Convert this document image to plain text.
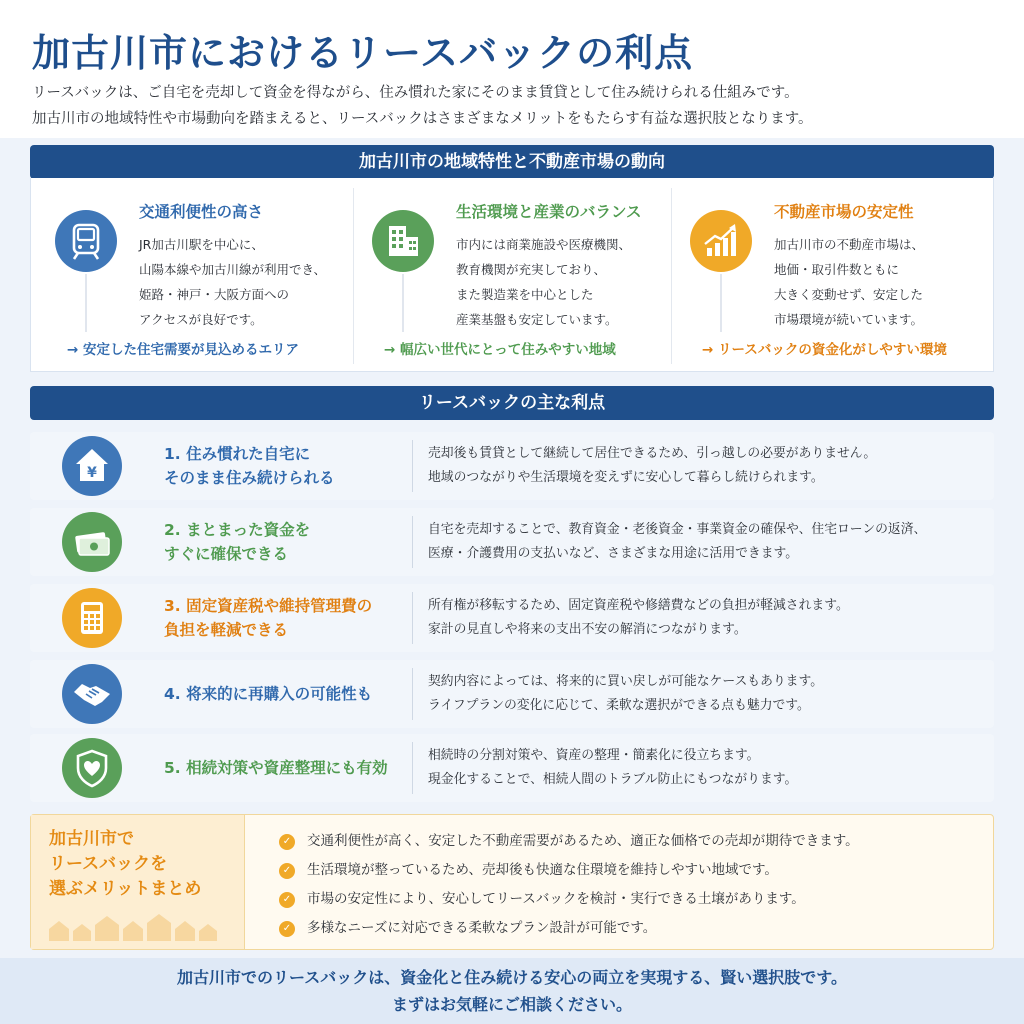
加古川市におけるリースバックの利点
リースバックは、ご自宅を売却して資金を得ながら、住み慣れた家にそのまま賃貸として住み続けられる仕組みです。
加古川市の地域特性や市場動向を踏まえると、リースバックはさまざまなメリットをもたらす有益な選択肢となります。
加古川市の地域特性と不動産市場の動向
交通利便性の高さ
JR加古川駅を中心に、
山陽本線や加古川線が利用でき、
姫路・神戸・大阪方面への
アクセスが良好です。
→ 安定した住宅需要が見込めるエリア
生活環境と産業のバランス
市内には商業施設や医療機関、
教育機関が充実しており、
また製造業を中心とした
産業基盤も安定しています。
→ 幅広い世代にとって住みやすい地域
不動産市場の安定性
加古川市の不動産市場は、
地価・取引件数ともに
大きく変動せず、安定した
市場環境が続いています。
→ リースバックの資金化がしやすい環境
リースバックの主な利点
¥
1. 住み慣れた自宅に
そのまま住み続けられる
売却後も賃貸として継続して居住できるため、引っ越しの必要がありません。
地域のつながりや生活環境を変えずに安心して暮らし続けられます。
2. まとまった資金を
すぐに確保できる
自宅を売却することで、教育資金・老後資金・事業資金の確保や、住宅ローンの返済、
医療・介護費用の支払いなど、さまざまな用途に活用できます。
3. 固定資産税や維持管理費の
負担を軽減できる
所有権が移転するため、固定資産税や修繕費などの負担が軽減されます。
家計の見直しや将来の支出不安の解消につながります。
4. 将来的に再購入の可能性も
契約内容によっては、将来的に買い戻しが可能なケースもあります。
ライフプランの変化に応じて、柔軟な選択ができる点も魅力です。
5. 相続対策や資産整理にも有効
相続時の分割対策や、資産の整理・簡素化に役立ちます。
現金化することで、相続人間のトラブル防止にもつながります。
加古川市で
リースバックを
選ぶメリットまとめ
✓ 交通利便性が高く、安定した不動産需要があるため、適正な価格での売却が期待できます。
✓ 生活環境が整っているため、売却後も快適な住環境を維持しやすい地域です。
✓ 市場の安定性により、安心してリースバックを検討・実行できる土壌があります。
✓ 多様なニーズに対応できる柔軟なプラン設計が可能です。
加古川市でのリースバックは、資金化と住み続ける安心の両立を実現する、賢い選択肢です。
まずはお気軽にご相談ください。
